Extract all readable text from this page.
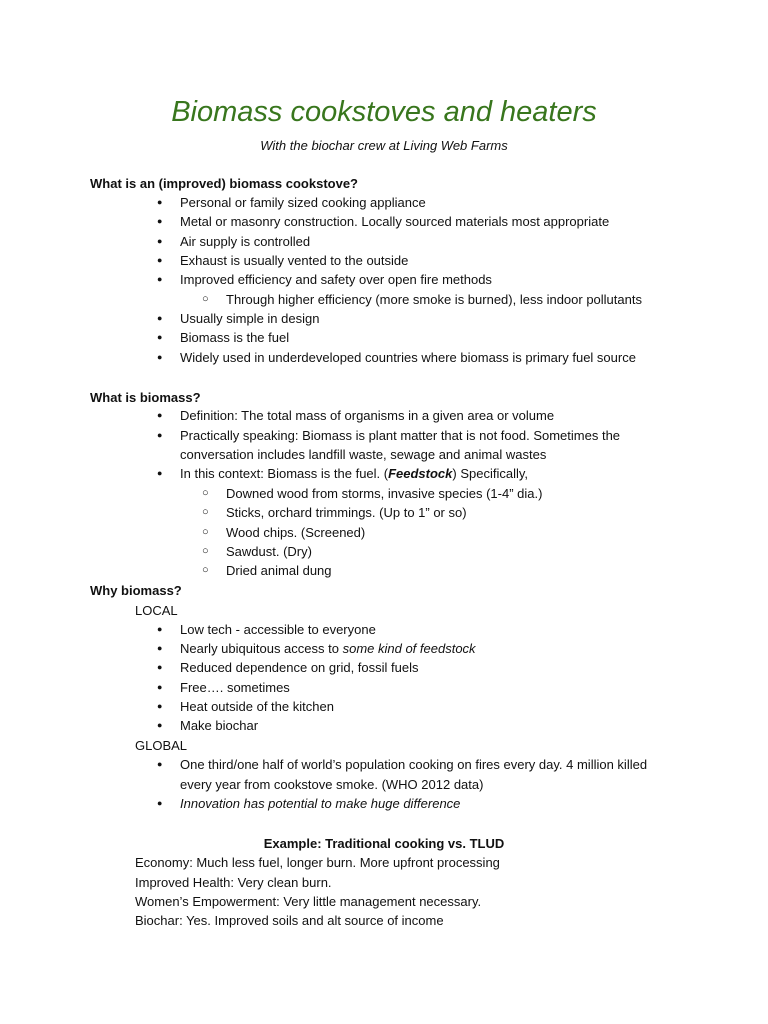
Biomass cookstoves and heaters
With the biochar crew at Living Web Farms
What is an (improved) biomass cookstove?
● Personal or family sized cooking appliance
● Metal or masonry construction. Locally sourced materials most appropriate
● Air supply is controlled
● Exhaust is usually vented to the outside
● Improved efficiency and safety over open fire methods
○ Through higher efficiency (more smoke is burned), less indoor pollutants
● Usually simple in design
● Biomass is the fuel
● Widely used in underdeveloped countries where biomass is primary fuel source
What is biomass?
● Definition: The total mass of organisms in a given area or volume
● Practically speaking: Biomass is plant matter that is not food. Sometimes the
conversation includes landfill waste, sewage and animal wastes
● In this context: Biomass is the fuel. (Feedstock) Specifically,
○ Downed wood from storms, invasive species (1-4” dia.)
○ Sticks, orchard trimmings. (Up to 1” or so)
○ Wood chips. (Screened)
○ Sawdust. (Dry)
○ Dried animal dung
Why biomass?
LOCAL
● Low tech - accessible to everyone
● Nearly ubiquitous access to some kind of feedstock
● Reduced dependence on grid, fossil fuels
● Free…. sometimes
● Heat outside of the kitchen
● Make biochar
GLOBAL
● One third/one half of world’s population cooking on fires every day. 4 million killed
every year from cookstove smoke. (WHO 2012 data)
● Innovation has potential to make huge difference
Example: Traditional cooking vs. TLUD
Economy: Much less fuel, longer burn. More upfront processing
Improved Health: Very clean burn.
Women’s Empowerment: Very little management necessary.
Biochar: Yes. Improved soils and alt source of income
